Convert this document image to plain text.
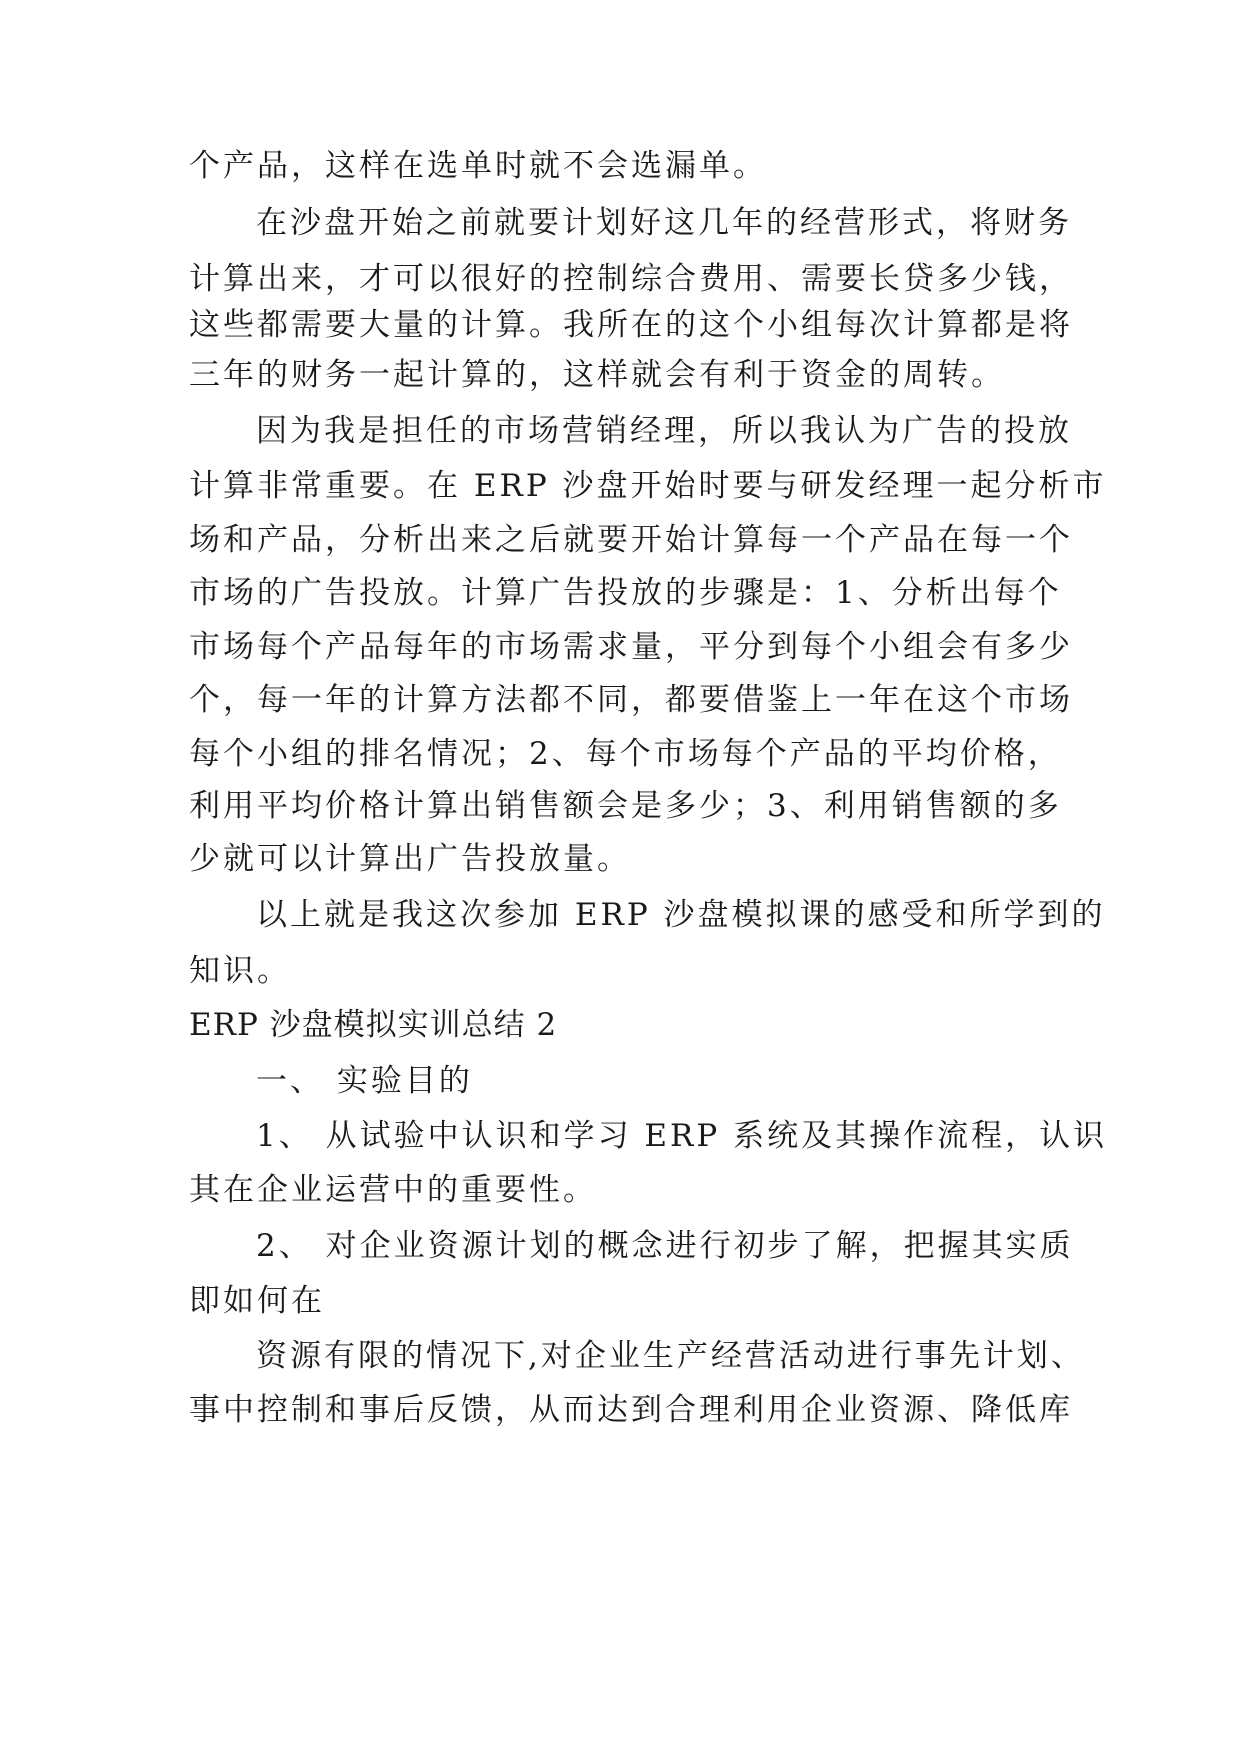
个产品，这样在选单时就不会选漏单。
在沙盘开始之前就要计划好这几年的经营形式，将财务
计算出来，才可以很好的控制综合费用、需要长贷多少钱，
这些都需要大量的计算。我所在的这个小组每次计算都是将
三年的财务一起计算的，这样就会有利于资金的周转。
因为我是担任的市场营销经理，所以我认为广告的投放
计算非常重要。在 ERP 沙盘开始时要与研发经理一起分析市
场和产品，分析出来之后就要开始计算每一个产品在每一个
市场的广告投放。计算广告投放的步骤是：1、分析出每个
市场每个产品每年的市场需求量，平分到每个小组会有多少
个，每一年的计算方法都不同，都要借鉴上一年在这个市场
每个小组的排名情况；2、每个市场每个产品的平均价格，
利用平均价格计算出销售额会是多少；3、利用销售额的多
少就可以计算出广告投放量。
以上就是我这次参加 ERP 沙盘模拟课的感受和所学到的
知识。
ERP 沙盘模拟实训总结 2
一、 实验目的
1、 从试验中认识和学习 ERP 系统及其操作流程，认识
其在企业运营中的重要性。
2、 对企业资源计划的概念进行初步了解，把握其实质
即如何在
资源有限的情况下,对企业生产经营活动进行事先计划、
事中控制和事后反馈，从而达到合理利用企业资源、降低库
